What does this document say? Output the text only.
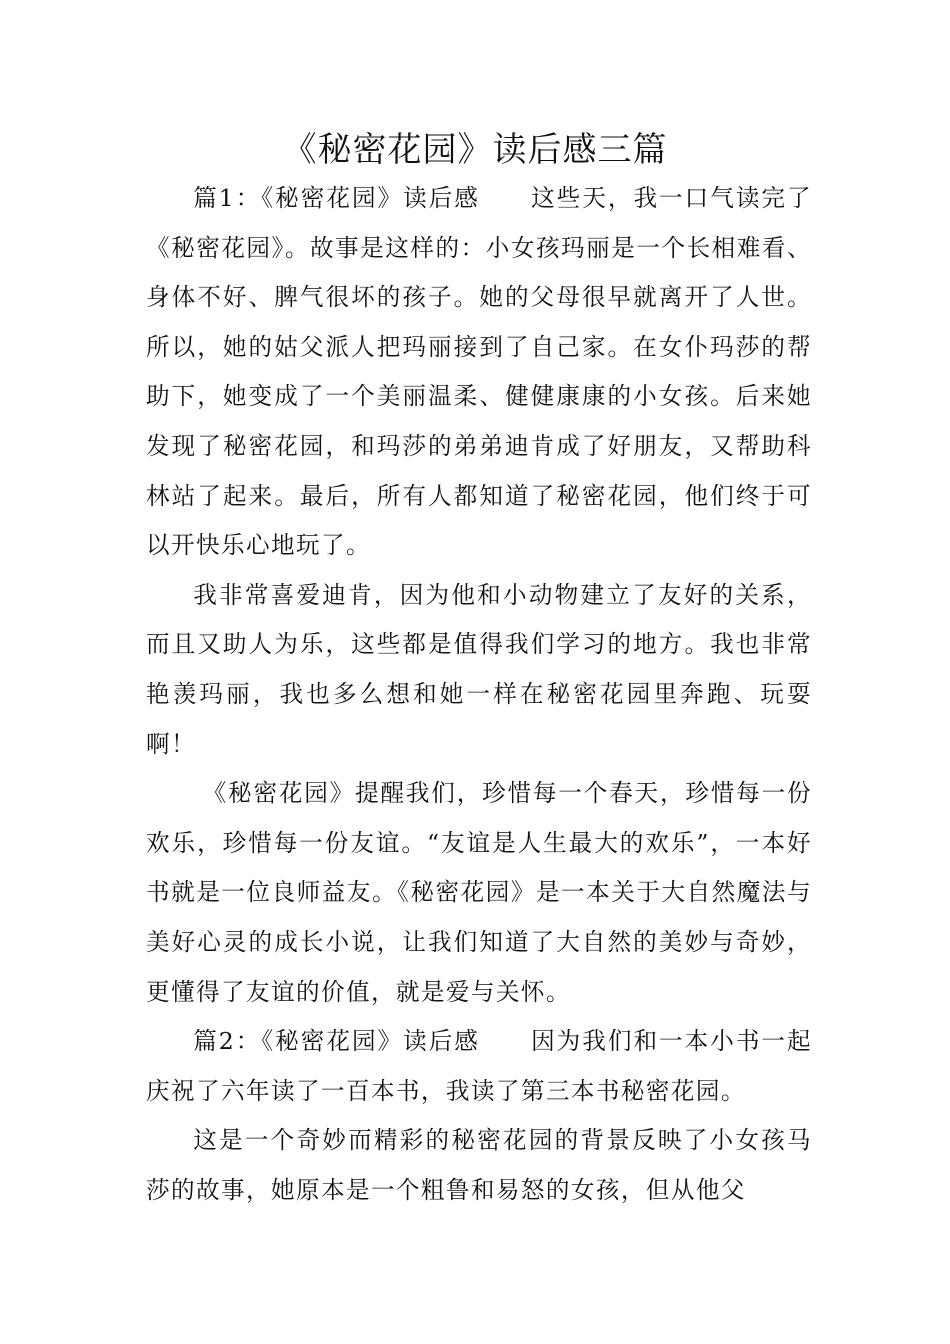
《秘密花园》读后感三篇

篇1：《秘密花园》读后感　　这些天，我一口气读完了《秘密花园》。故事是这样的：小女孩玛丽是一个长相难看、身体不好、脾气很坏的孩子。她的父母很早就离开了人世。所以，她的姑父派人把玛丽接到了自己家。在女仆玛莎的帮助下，她变成了一个美丽温柔、健健康康的小女孩。后来她发现了秘密花园，和玛莎的弟弟迪肯成了好朋友，又帮助科林站了起来。最后，所有人都知道了秘密花园，他们终于可以开快乐心地玩了。

我非常喜爱迪肯，因为他和小动物建立了友好的关系，而且又助人为乐，这些都是值得我们学习的地方。我也非常艳羡玛丽，我也多么想和她一样在秘密花园里奔跑、玩耍啊！

《秘密花园》提醒我们，珍惜每一个春天，珍惜每一份欢乐，珍惜每一份友谊。“友谊是人生最大的欢乐”，一本好书就是一位良师益友。《秘密花园》是一本关于大自然魔法与美好心灵的成长小说，让我们知道了大自然的美妙与奇妙，更懂得了友谊的价值，就是爱与关怀。

篇2：《秘密花园》读后感　　因为我们和一本小书一起庆祝了六年读了一百本书，我读了第三本书秘密花园。

这是一个奇妙而精彩的秘密花园的背景反映了小女孩马莎的故事，她原本是一个粗鲁和易怒的女孩，但从他父
